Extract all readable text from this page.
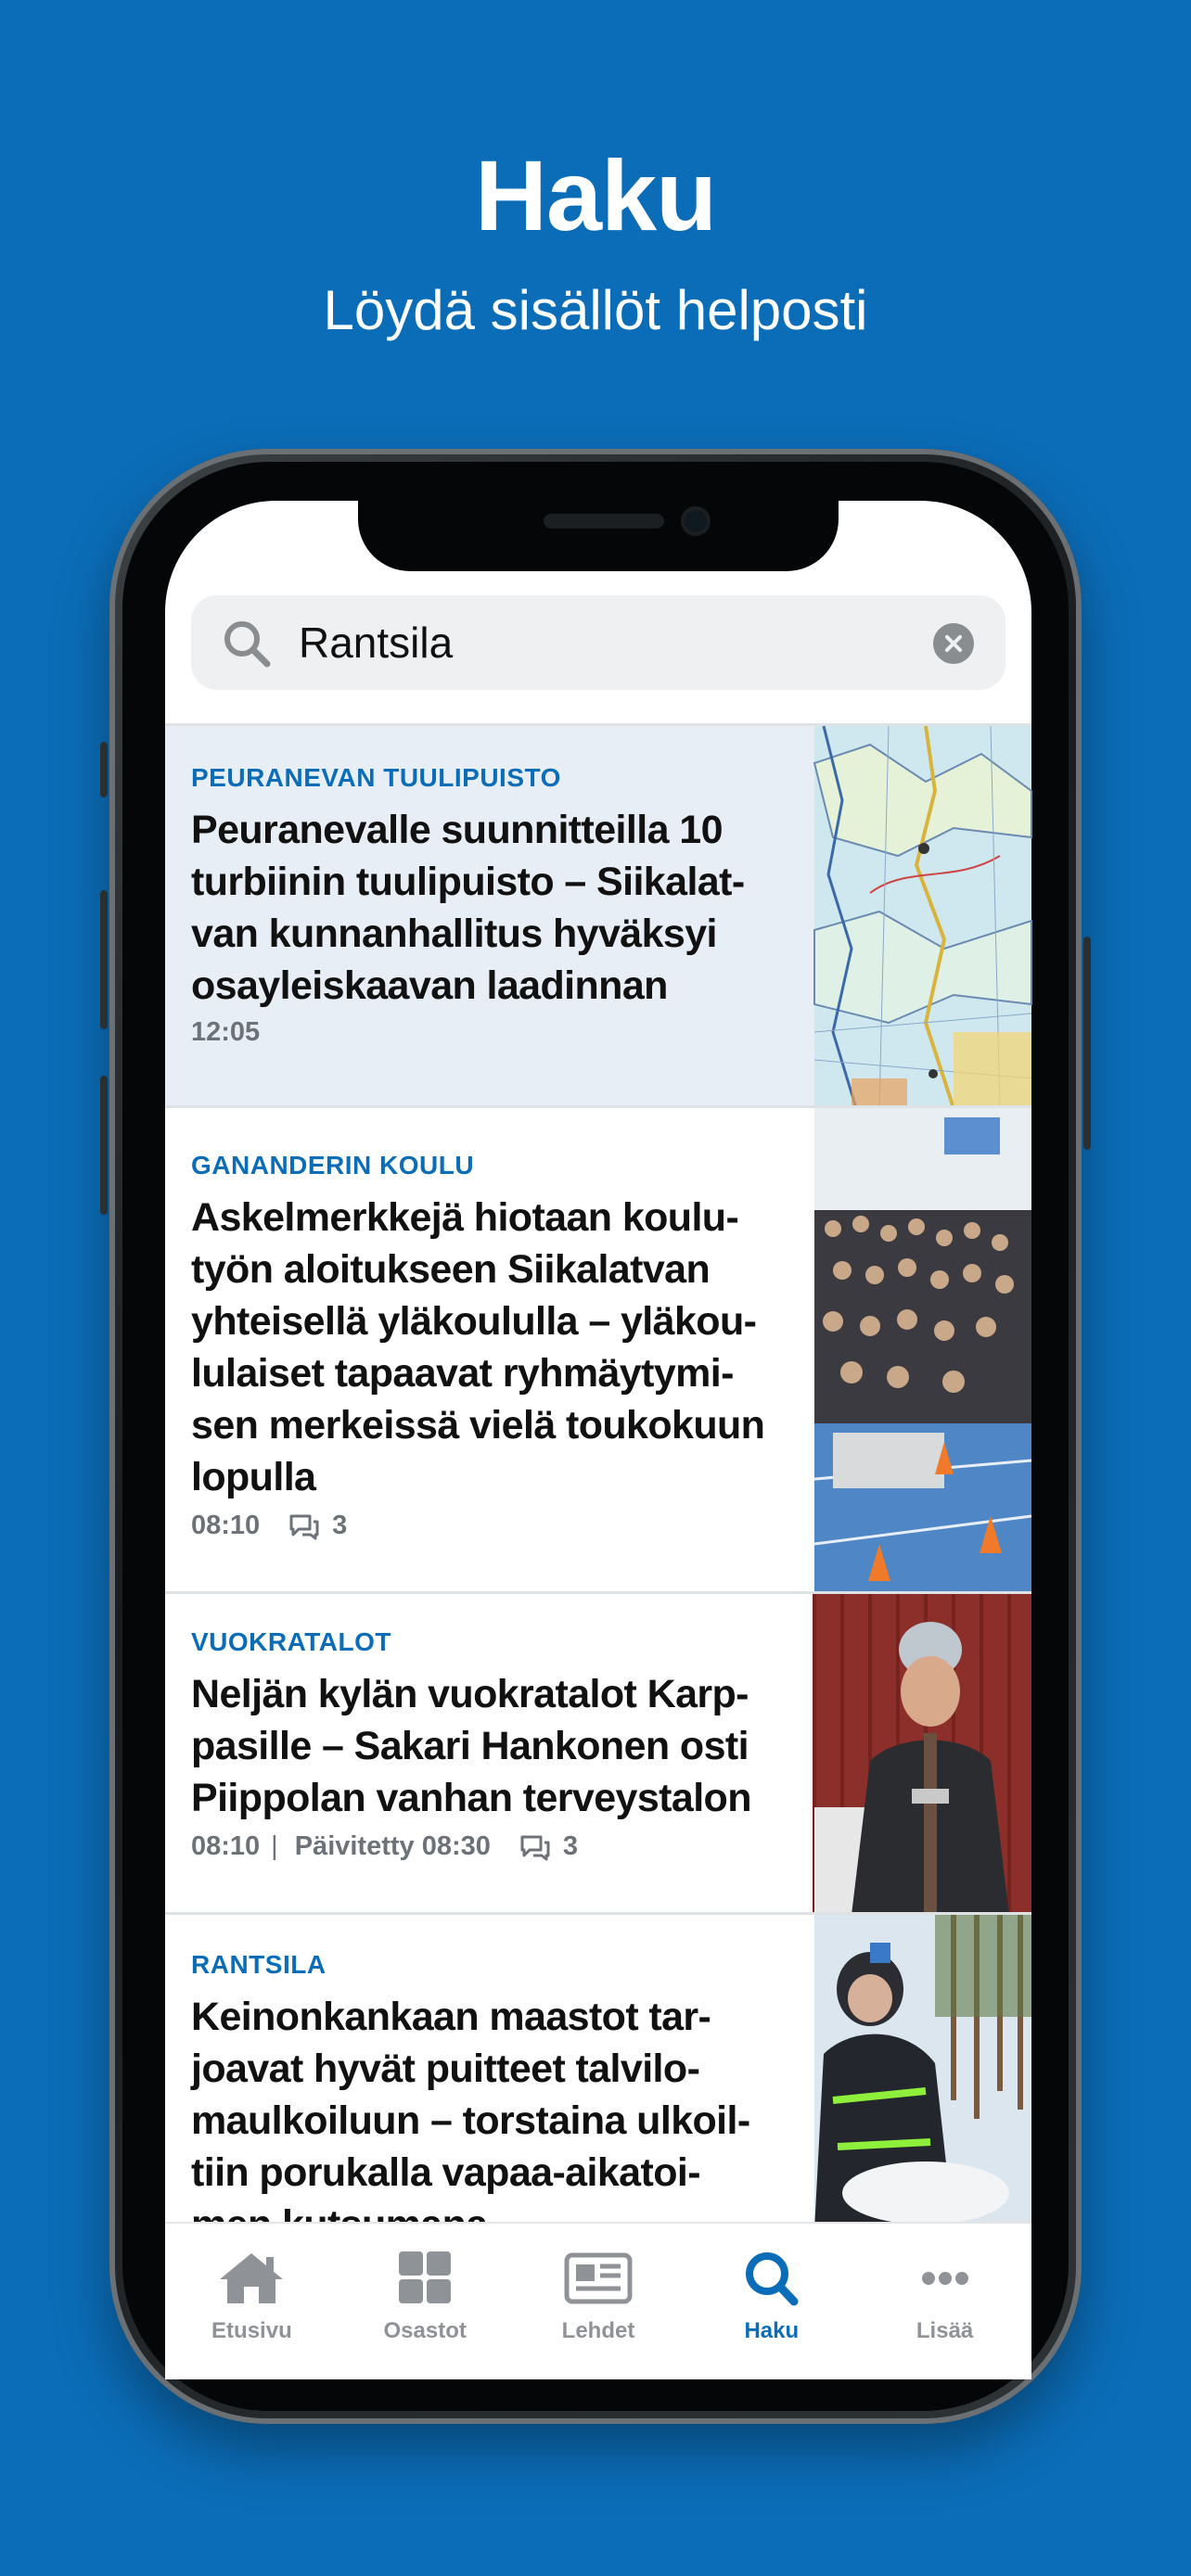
Haku
Löydä sisällöt helposti
Rantsila
PEURANEVAN TUULIPUISTO
Peuranevalle suunnitteilla 10
turbiinin tuulipuisto – Siikalat-
van kunnanhallitus hyväksyi
osayleiskaavan laadinnan
12:05
GANANDERIN KOULU
Askelmerkkejä hiotaan koulu-
työn aloitukseen Siikalatvan
yhteisellä yläkoululla – yläkou-
lulaiset tapaavat ryhmäytymi-
sen merkeissä vielä toukokuun
lopulla
08:10	3
VUOKRATALOT
Neljän kylän vuokratalot Karp-
pasille – Sakari Hankonen osti
Piippolan vanhan terveystalon
08:10 | Päivitetty 08:30	3
RANTSILA
Keinonkankaan maastot tar-
joavat hyvät puitteet talvilo-
maulkoiluun – torstaina ulkoil-
tiin porukalla vapaa-aikatoi-
Etusivu	Osastot	Lehdet	Haku	Lisää
